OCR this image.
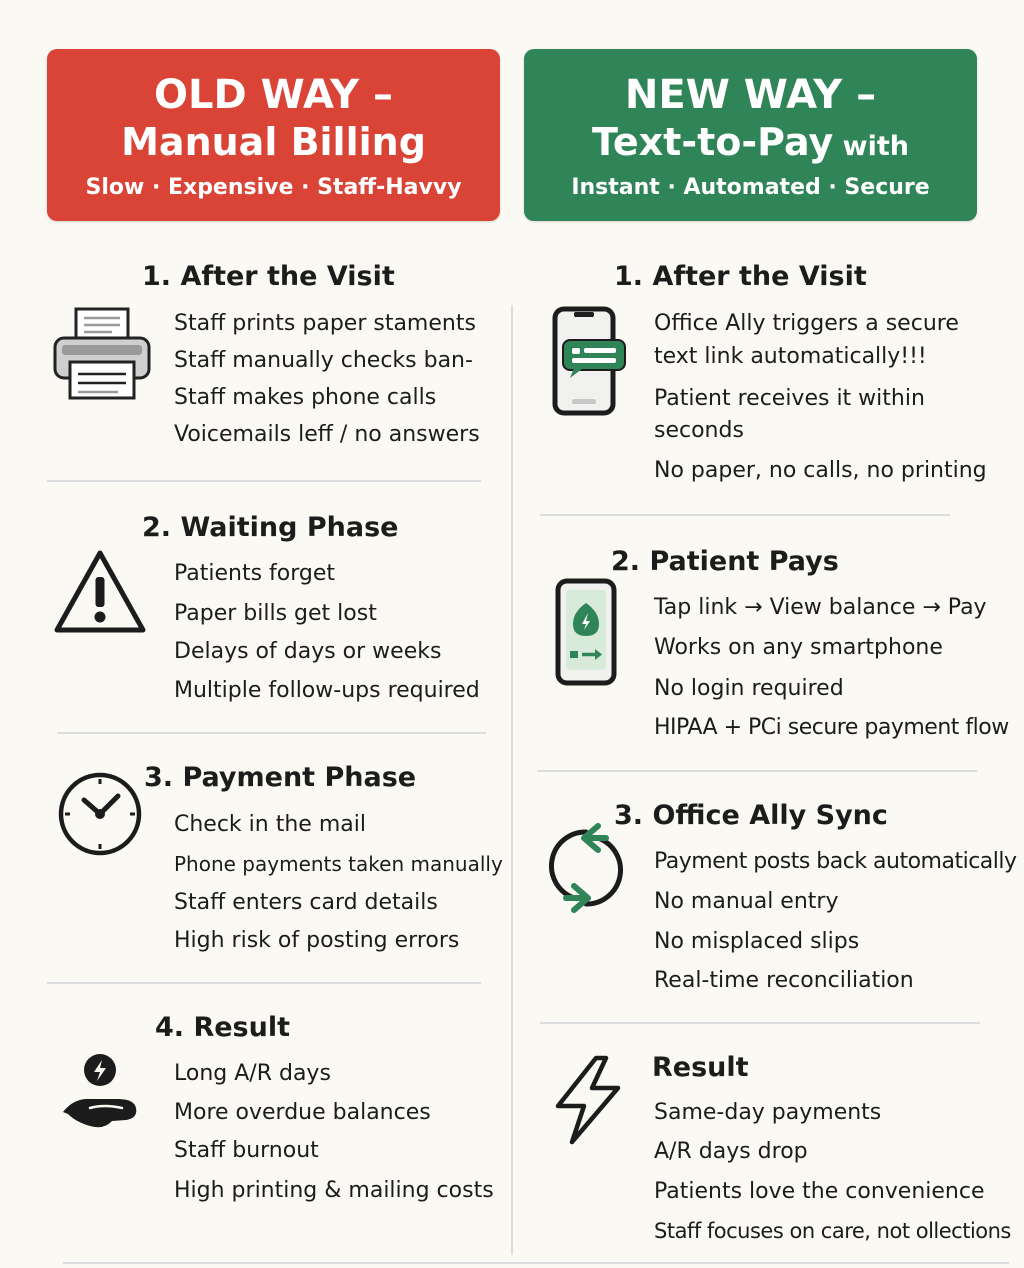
OLD WAY –
Manual Billing
Slow · Expensive · Staff-Havvy
NEW WAY –
Text-to-Pay with
Instant · Automated · Secure
1. After the Visit
Staff prints paper staments
Staff manually checks ban-
Staff makes phone calls
Voicemails leff / no answers
2. Waiting Phase
Patients forget
Paper bills get lost
Delays of days or weeks
Multiple follow-ups required
3. Payment Phase
Check in the mail
Phone payments taken manually
Staff enters card details
High risk of posting errors
4. Result
Long A/R days
More overdue balances
Staff burnout
High printing & mailing costs
1. After the Visit
Office Ally triggers a secure
text link automatically!!!
Patient receives it within
seconds
No paper, no calls, no printing
2. Patient Pays
Tap link → View balance → Pay
Works on any smartphone
No login required
HIPAA + PCi secure payment flow
3. Office Ally Sync
Payment posts back automatically
No manual entry
No misplaced slips
Real-time reconciliation
Result
Same-day payments
A/R days drop
Patients love the convenience
Staff focuses on care, not ollections
